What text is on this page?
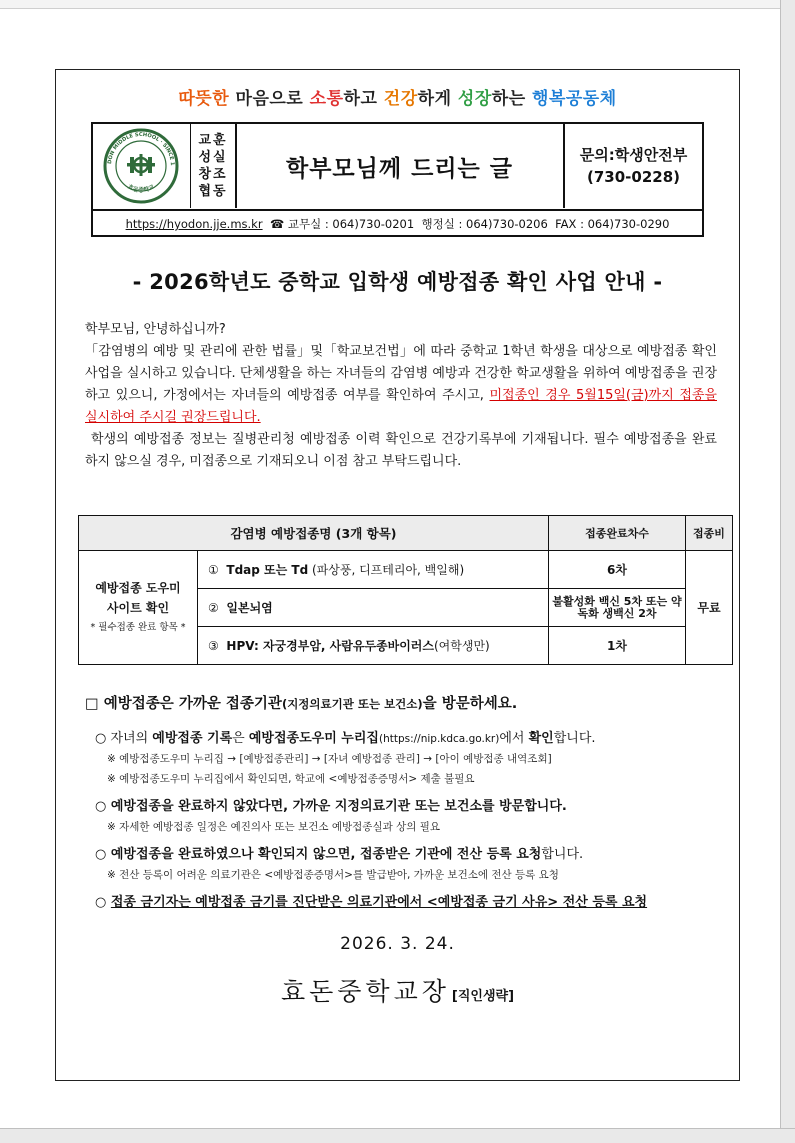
따뜻한 마음으로 소통하고 건강하게 성장하는 행복공동체
DON MIDDLE SCHOOL · SINCE 1
효돈중학교
교훈
성실
창조
협동
학부모님께 드리는 글
문의:학생안전부
(730-0228)
https://hyodon.jje.ms.kr ☎ 교무실 : 064)730-0201  행정실 : 064)730-0206  FAX : 064)730-0290
- 2026학년도 중학교 입학생 예방접종 확인 사업 안내 -

학부모님, 안녕하십니까?

「감염병의 예방 및 관리에 관한 법률」및「학교보건법」에 따라 중학교 1학년 학생을 대상으로 예방접종 확인 사업을 실시하고 있습니다. 단체생활을 하는 자녀들의 감염병 예방과 건강한 학교생활을 위하여 예방접종을 권장하고 있으니, 가정에서는 자녀들의 예방접종 여부를 확인하여 주시고, 미접종인 경우 5월15일(금)까지 접종을 실시하여 주시길 권장드립니다.

학생의 예방접종 정보는 질병관리청 예방접종 이력 확인으로 건강기록부에 기재됩니다. 필수 예방접종을 완료하지 않으실 경우, 미접종으로 기재되오니 이점 참고 부탁드립니다.

감염병 예방접종명 (3개 항목)		접종완료차수	접종비

예방접종 도우미
사이트 확인
* 필수접종 완료 항목 *	① Tdap 또는 Td (파상풍, 디프테리아, 백일해)	6차	무료
	② 일본뇌염	불활성화 백신 5차 또는 약독화 생백신 2차	
	③ HPV: 자궁경부암, 사람유두종바이러스(여학생만)	1차	
□ 예방접종은 가까운 접종기관(지정의료기관 또는 보건소)을 방문하세요.
○ 자녀의 예방접종 기록은 예방접종도우미 누리집(https://nip.kdca.go.kr)에서 확인합니다.
※ 예방접종도우미 누리집 → [예방접종관리] → [자녀 예방접종 관리] → [아이 예방접종 내역조회]
※ 예방접종도우미 누리집에서 확인되면, 학교에 <예방접종증명서> 제출 불필요
○ 예방접종을 완료하지 않았다면, 가까운 지정의료기관 또는 보건소를 방문합니다.
※ 자세한 예방접종 일정은 예진의사 또는 보건소 예방접종실과 상의 필요
○ 예방접종을 완료하였으나 확인되지 않으면, 접종받은 기관에 전산 등록 요청합니다.
※ 전산 등록이 어려운 의료기관은 <예방접종증명서>를 발급받아, 가까운 보건소에 전산 등록 요청
○ 접종 금기자는 예방접종 금기를 진단받은 의료기관에서 <예방접종 금기 사유> 전산 등록 요청
2026. 3. 24.
효돈중학교장 [직인생략]
